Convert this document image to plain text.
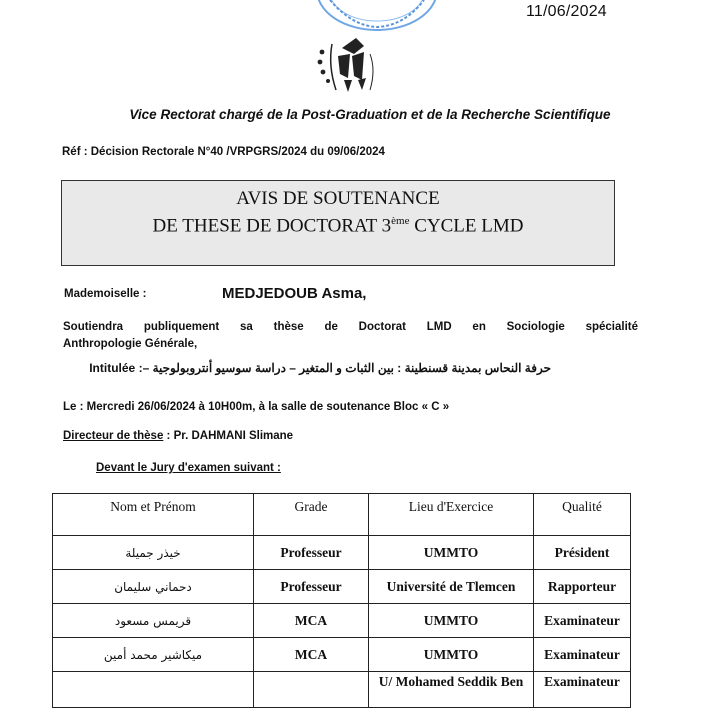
11/06/2024
Vice Rectorat chargé de la Post-Graduation et de la Recherche Scientifique
Réf : Décision Rectorale N°40 /VRPGRS/2024 du 09/06/2024
AVIS DE SOUTENANCE
DE THESE DE DOCTORAT 3ème CYCLE LMD
Mademoiselle :	MEDJEDOUB Asma,
Soutiendra publiquement sa thèse de Doctorat LMD en Sociologie spécialité
Anthropologie Générale,
حرفة النحاس بمدينة قسنطينة : بين الثبات و المتغير – دراسة سوسيو أنتروبولوجية –: Intitulée
Le : Mercredi 26/06/2024 à 10H00m, à la salle de soutenance Bloc « C »
Directeur de thèse : Pr. DAHMANI Slimane
Devant le Jury d'examen suivant :
Nom et Prénom	Grade	Lieu d'Exercice	Qualité
خيذر جميلة	Professeur	UMMTO	Président
دحماني سليمان	Professeur	Université de Tlemcen	Rapporteur
قريمس مسعود	MCA	UMMTO	Examinateur
ميكاشير محمد أمين	MCA	UMMTO	Examinateur
		U/ Mohamed Seddik Ben	Examinateur
